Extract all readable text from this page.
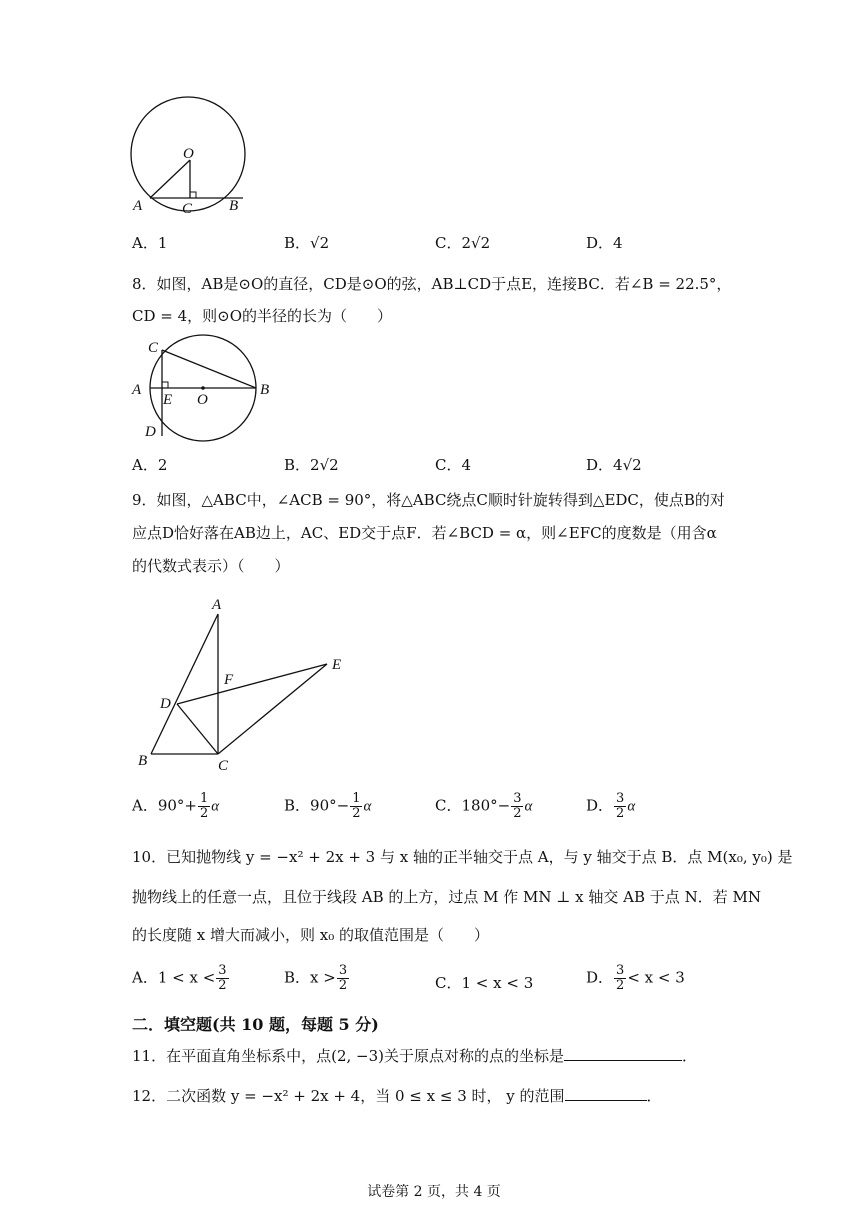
O
A	C B
A．1	B．√2	C．2√2	D．4
8．如图，AB是⊙O的直径，CD是⊙O的弦，AB⊥CD于点E，连接BC．若∠B = 22.5°，
CD = 4，则⊙O的半径的长为（　　）
C
A
E O
B
D
A．2	B．2√2	C．4	D．4√2
9．如图，△ABC中，∠ACB = 90°，将△ABC绕点C顺时针旋转得到△EDC，使点B的对
应点D恰好落在AB边上，AC、ED交于点F．若∠BCD = α，则∠EFC的度数是（用含α
的代数式表示）（　　）
A
E
F
D
B	C
A．$90^\circ+ \frac{1}{2}$ α	B．$90^\circ- \frac{1}{2}$ α	C．$180^\circ- \frac{3}{2}$ α	D． $\frac{3}{2}$ α
10．已知抛物线 y = −x² + 2x + 3 与 x 轴的正半轴交于点 A，与 y 轴交于点 B．点 M(x₀, y₀) 是
抛物线上的任意一点，且位于线段 AB 的上方，过点 M 作 MN ⊥ x 轴交 AB 于点 N．若 MN
的长度随 x 增大而减小，则 x₀ 的取值范围是（　　）
A．$1 < x < \frac{3}{2}$	B．$x > \frac{3}{2}$	C．1 < x < 3	D． $\frac{3}{2} < x < 3$
二．填空题(共 10 题，每题 5 分)
11．在平面直角坐标系中，点(2, −3)关于原点对称的点的坐标是	．
12．二次函数 y = −x² + 2x + 4，当 0 ≤ x ≤ 3 时， y 的范围	．
试卷第 2 页，共 4 页
